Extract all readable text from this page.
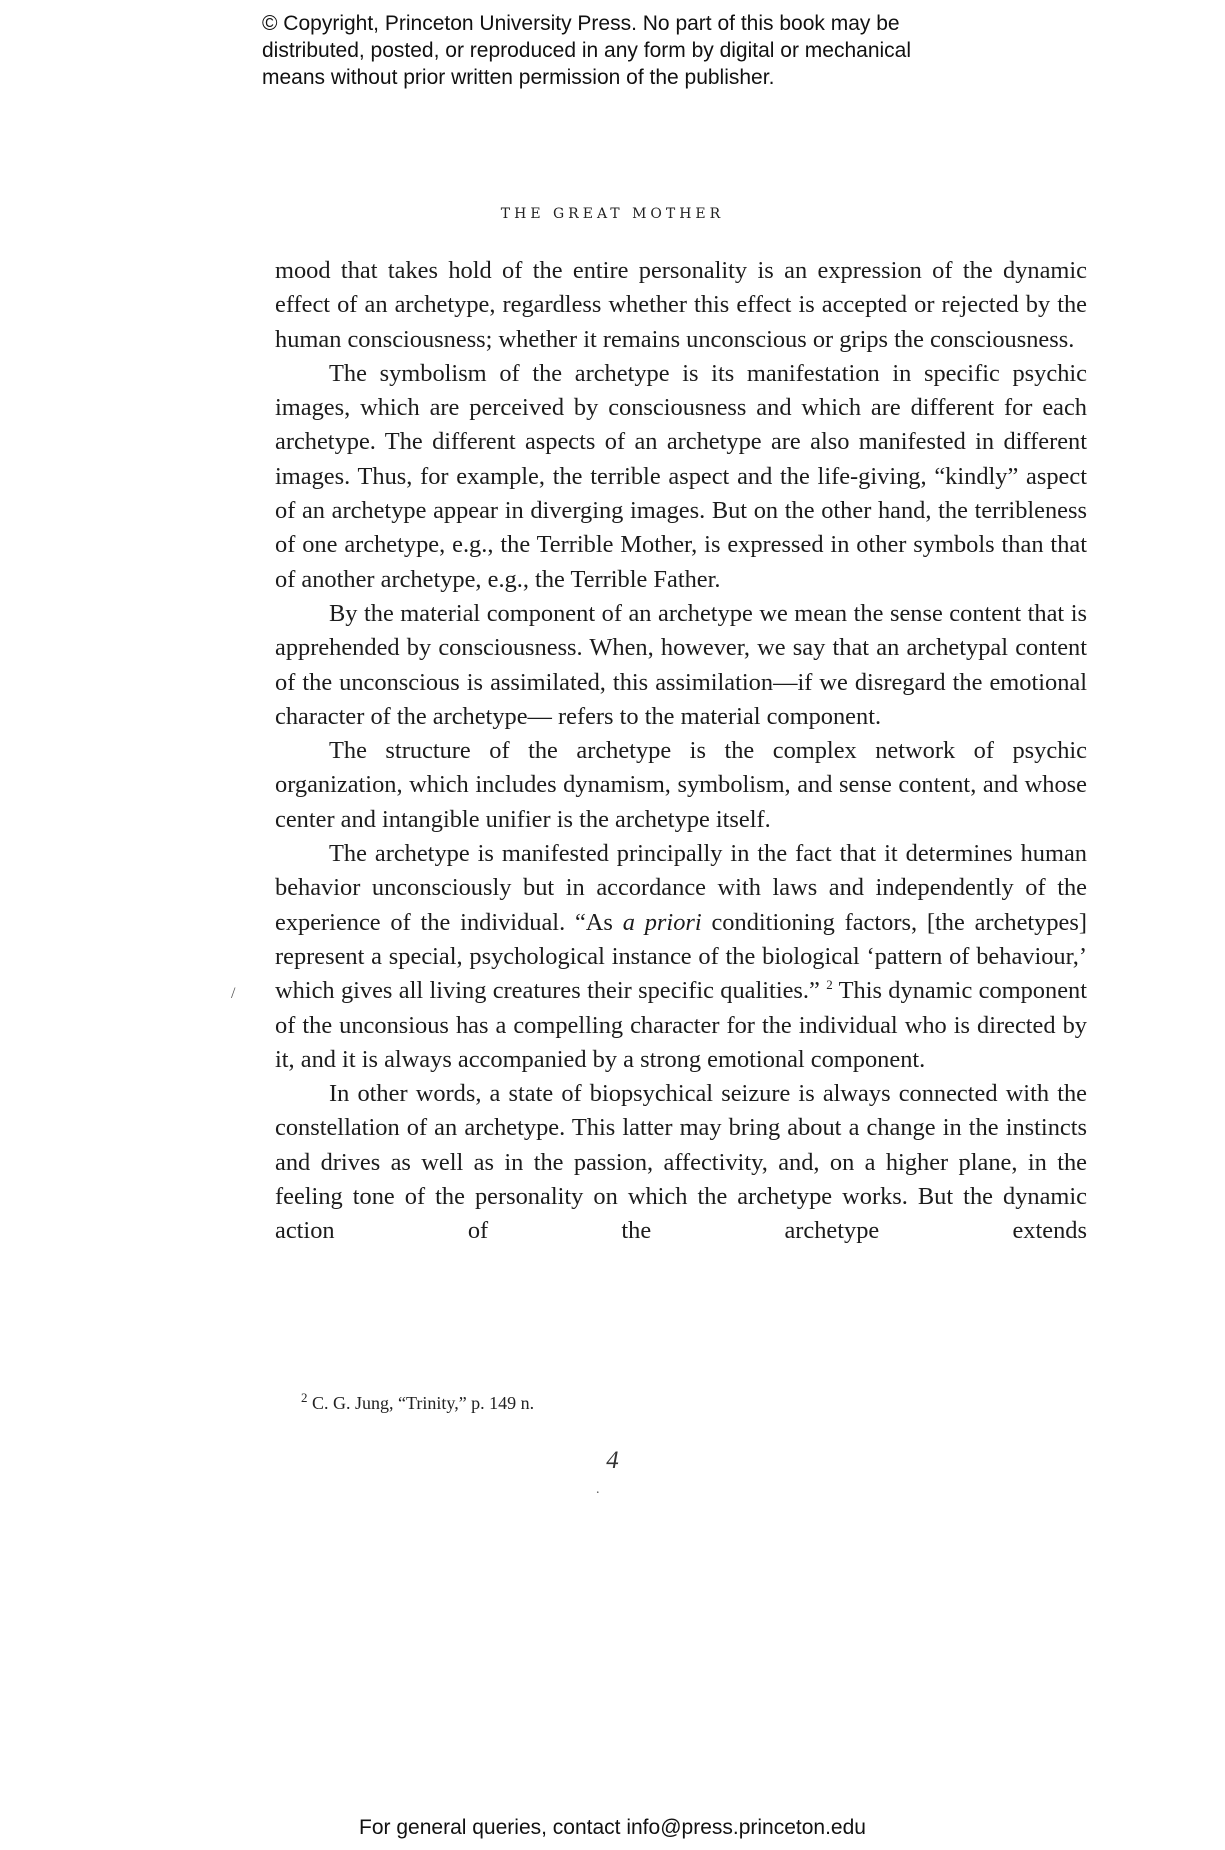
© Copyright, Princeton University Press. No part of this book may be
distributed, posted, or reproduced in any form by digital or mechanical
means without prior written permission of the publisher.
THE GREAT MOTHER

mood that takes hold of the entire personality is an expression of the dynamic effect of an archetype, regardless whether this effect is accepted or rejected by the human consciousness; whether it remains unconscious or grips the consciousness.

The symbolism of the archetype is its manifestation in specific psychic images, which are perceived by consciousness and which are different for each archetype. The different aspects of an archetype are also manifested in different images. Thus, for example, the terrible aspect and the life-giving, “kindly” aspect of an archetype appear in diverging images. But on the other hand, the terribleness of one archetype, e.g., the Terrible Mother, is expressed in other symbols than that of another archetype, e.g., the Terrible Father.

By the material component of an archetype we mean the sense content that is apprehended by consciousness. When, however, we say that an archetypal content of the unconscious is assimilated, this assimilation—if we disregard the emotional character of the archetype— refers to the material component.

The structure of the archetype is the complex network of psychic organization, which includes dynamism, symbolism, and sense content, and whose center and intangible unifier is the archetype itself.

The archetype is manifested principally in the fact that it determines human behavior unconsciously but in accordance with laws and independently of the experience of the individual. “As a priori conditioning factors, [the archetypes] represent a special, psychological instance of the biological ‘pattern of behaviour,’ which gives all living creatures their specific qualities.” $^2$ This dynamic component of the unconsious has a compelling character for the individual who is directed by it, and it is always accompanied by a strong emotional component.

In other words, a state of biopsychical seizure is always connected with the constellation of an archetype. This latter may bring about a change in the instincts and drives as well as in the passion, affectivity, and, on a higher plane, in the feeling tone of the personality on which the archetype works. But the dynamic action of the archetype extends

$^2$ C. G. Jung, “Trinity,” p. 149 n.
4
/
.
For general queries, contact info@press.princeton.edu
